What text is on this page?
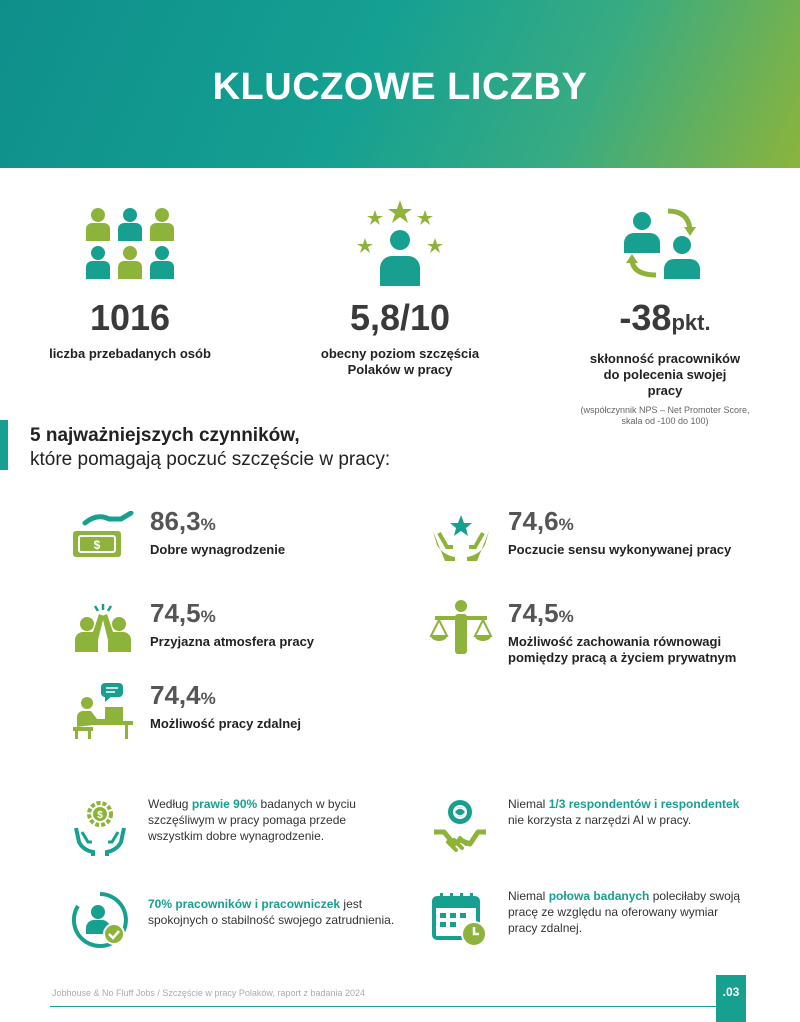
KLUCZOWE LICZBY
1016
liczba przebadanych osób
5,8/10
obecny poziom szczęścia Polaków w pracy
-38pkt.
skłonność pracowników do polecenia swojej pracy
(współczynnik NPS – Net Promoter Score, skala od -100 do 100)
5 najważniejszych czynników,
które pomagają poczuć szczęście w pracy:
$
86,3%
Dobre wynagrodzenie
74,6%
Poczucie sensu wykonywanej pracy
74,5%
Przyjazna atmosfera pracy
74,5%
Możliwość zachowania równowagi
pomiędzy pracą a życiem prywatnym
74,4%
Możliwość pracy zdalnej
$
Według prawie 90% badanych w byciu szczęśliwym w pracy pomaga przede wszystkim dobre wynagrodzenie.
Niemal 1/3 respondentów i respondentek nie korzysta z narzędzi AI w pracy.
70% pracowników i pracowniczek jest spokojnych o stabilność swojego zatrudnienia.
Niemal połowa badanych poleciłaby swoją pracę ze względu na oferowany wymiar pracy zdalnej.
Jobhouse & No Fluff Jobs / Szczęście w pracy Polaków, raport z badania 2024	.03
